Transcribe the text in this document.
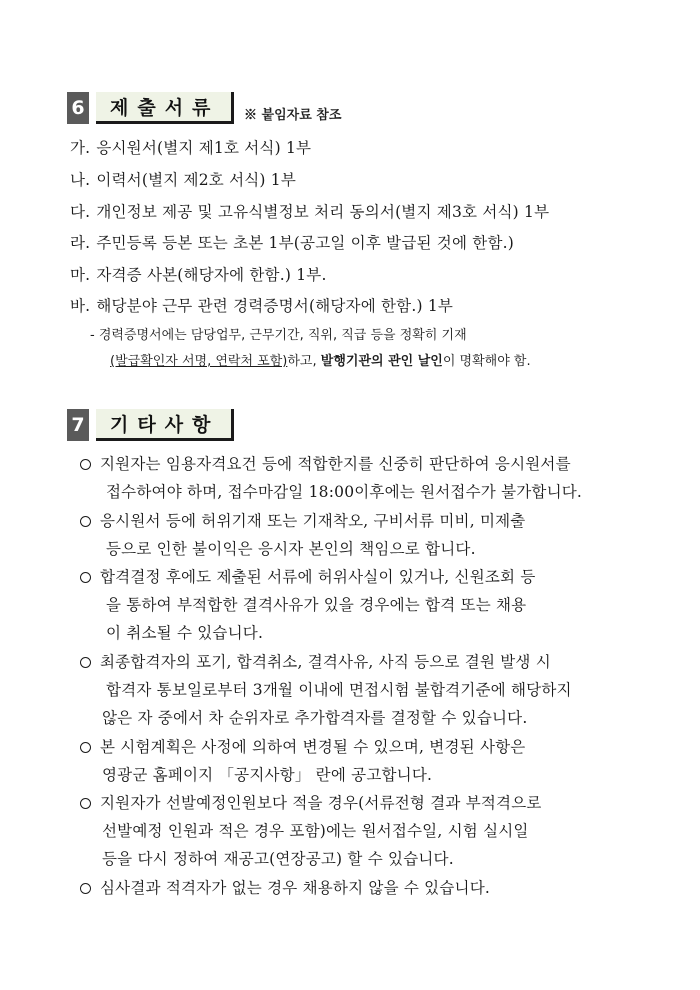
6	제출서류	※ 붙임자료 참조
가. 응시원서(별지 제1호 서식) 1부
나. 이력서(별지 제2호 서식) 1부
다. 개인정보 제공 및 고유식별정보 처리 동의서(별지 제3호 서식) 1부
라. 주민등록 등본 또는 초본 1부(공고일 이후 발급된 것에 한함.)
마. 자격증 사본(해당자에 한함.) 1부.
바. 해당분야 근무 관련 경력증명서(해당자에 한함.) 1부
- 경력증명서에는 담당업무, 근무기간, 직위, 직급 등을 정확히 기재
(발급확인자 서명, 연락처 포함)하고, 발행기관의 관인 날인이 명확해야 함.
7	기타사항
지원자는 임용자격요건 등에 적합한지를 신중히 판단하여 응시원서를
접수하여야 하며, 접수마감일 18:00이후에는 원서접수가 불가합니다.
응시원서 등에 허위기재 또는 기재착오, 구비서류 미비, 미제출
등으로 인한 불이익은 응시자 본인의 책임으로 합니다.
합격결정 후에도 제출된 서류에 허위사실이 있거나, 신원조회 등
을 통하여 부적합한 결격사유가 있을 경우에는 합격 또는 채용
이 취소될 수 있습니다.
최종합격자의 포기, 합격취소, 결격사유, 사직 등으로 결원 발생 시
합격자 통보일로부터 3개월 이내에 면접시험 불합격기준에 해당하지
않은 자 중에서 차 순위자로 추가합격자를 결정할 수 있습니다.
본 시험계획은 사정에 의하여 변경될 수 있으며, 변경된 사항은
영광군 홈페이지 「공지사항」 란에 공고합니다.
지원자가 선발예정인원보다 적을 경우(서류전형 결과 부적격으로
선발예정 인원과 적은 경우 포함)에는 원서접수일, 시험 실시일
등을 다시 정하여 재공고(연장공고) 할 수 있습니다.
심사결과 적격자가 없는 경우 채용하지 않을 수 있습니다.
